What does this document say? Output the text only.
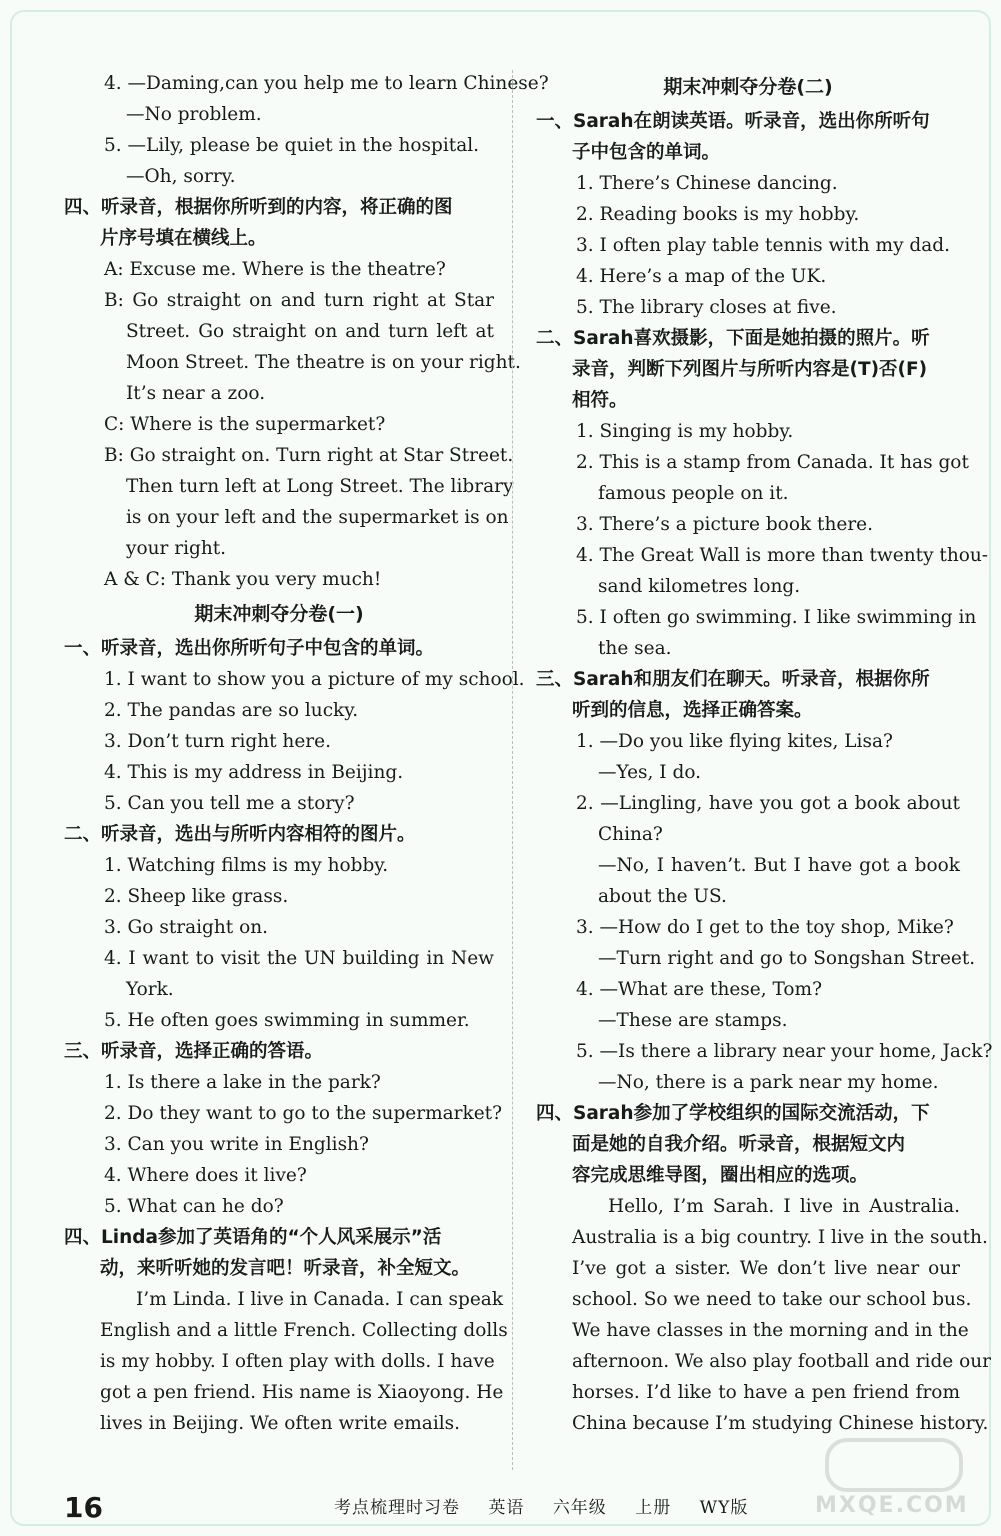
4. —Daming,can you help me to learn Chinese?
—No problem.
5. —Lily, please be quiet in the hospital.
—Oh, sorry.
四、听录音，根据你所听到的内容，将正确的图
片序号填在横线上。
A: Excuse me. Where is the theatre?
B: Go straight on and turn right at Star
Street. Go straight on and turn left at
Moon Street. The theatre is on your right.
It’s near a zoo.
C: Where is the supermarket?
B: Go straight on. Turn right at Star Street.
Then turn left at Long Street. The library
is on your left and the supermarket is on
your right.
A & C: Thank you very much!
期末冲刺夺分卷(一)
一、听录音，选出你所听句子中包含的单词。
1. I want to show you a picture of my school.
2. The pandas are so lucky.
3. Don’t turn right here.
4. This is my address in Beijing.
5. Can you tell me a story?
二、听录音，选出与所听内容相符的图片。
1. Watching films is my hobby.
2. Sheep like grass.
3. Go straight on.
4. I want to visit the UN building in New
York.
5. He often goes swimming in summer.
三、听录音，选择正确的答语。
1. Is there a lake in the park?
2. Do they want to go to the supermarket?
3. Can you write in English?
4. Where does it live?
5. What can he do?
四、Linda参加了英语角的“个人风采展示”活
动，来听听她的发言吧！听录音，补全短文。
I’m Linda. I live in Canada. I can speak
English and a little French. Collecting dolls
is my hobby. I often play with dolls. I have
got a pen friend. His name is Xiaoyong. He
lives in Beijing. We often write emails.
期末冲刺夺分卷(二)
一、Sarah在朗读英语。听录音，选出你所听句
子中包含的单词。
1. There’s Chinese dancing.
2. Reading books is my hobby.
3. I often play table tennis with my dad.
4. Here’s a map of the UK.
5. The library closes at five.
二、Sarah喜欢摄影，下面是她拍摄的照片。听
录音，判断下列图片与所听内容是(T)否(F)
相符。
1. Singing is my hobby.
2. This is a stamp from Canada. It has got
famous people on it.
3. There’s a picture book there.
4. The Great Wall is more than twenty thou-
sand kilometres long.
5. I often go swimming. I like swimming in
the sea.
三、Sarah和朋友们在聊天。听录音，根据你所
听到的信息，选择正确答案。
1. —Do you like flying kites, Lisa?
—Yes, I do.
2. —Lingling, have you got a book about
China?
—No, I haven’t. But I have got a book
about the US.
3. —How do I get to the toy shop, Mike?
—Turn right and go to Songshan Street.
4. —What are these, Tom?
—These are stamps.
5. —Is there a library near your home, Jack?
—No, there is a park near my home.
四、Sarah参加了学校组织的国际交流活动，下
面是她的自我介绍。听录音，根据短文内
容完成思维导图，圈出相应的选项。
Hello, I’m Sarah. I live in Australia.
Australia is a big country. I live in the south.
I’ve got a sister. We don’t live near our
school. So we need to take our school bus.
We have classes in the morning and in the
afternoon. We also play football and ride our
horses. I’d like to have a pen friend from
China because I’m studying Chinese history.
16	考点梳理时习卷 英语 六年级 上册 WY版	MXQE.COM
